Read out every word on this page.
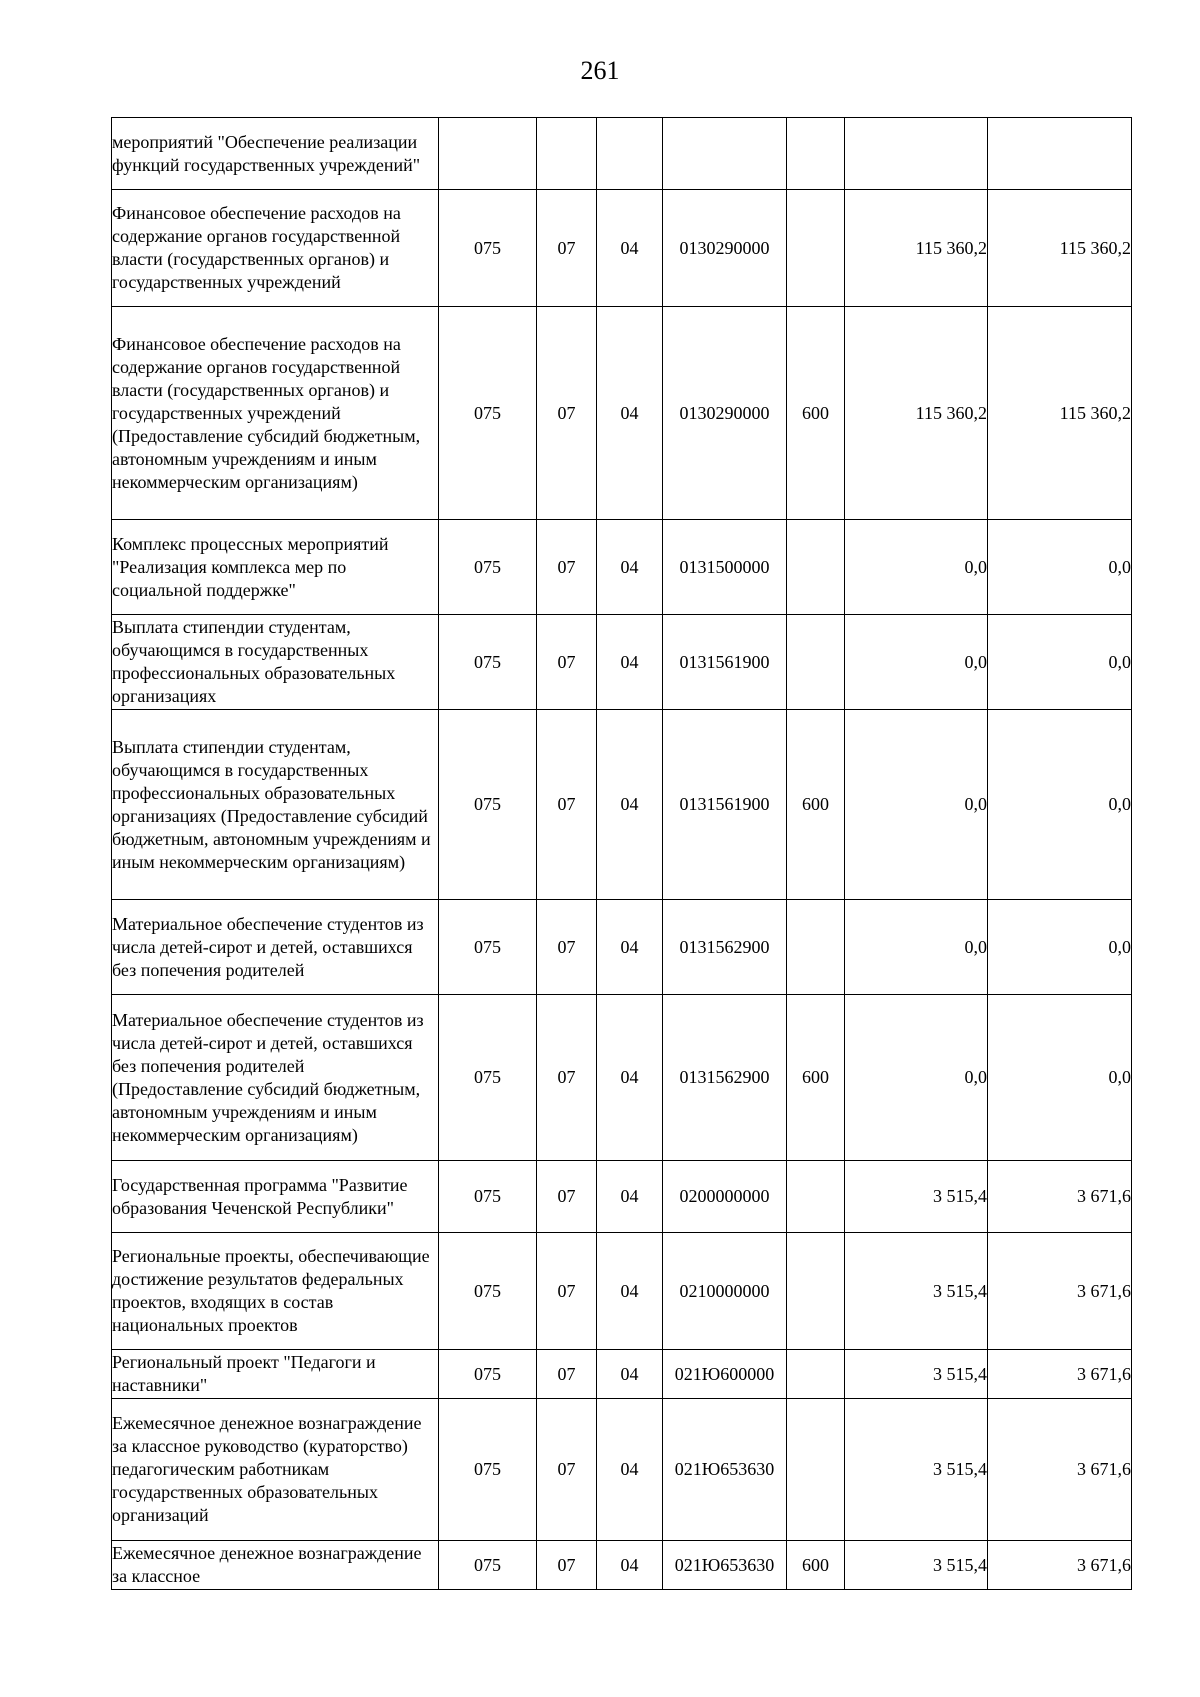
261
мероприятий "Обеспечение реализации функций государственных учреждений"							
Финансовое обеспечение расходов на содержание органов государственной власти (государственных органов) и государственных учреждений	075	07	04	0130290000		115 360,2	115 360,2
Финансовое обеспечение расходов на содержание органов государственной власти (государственных органов) и государственных учреждений (Предоставление субсидий бюджетным, автономным учреждениям и иным некоммерческим организациям)	075	07	04	0130290000	600	115 360,2	115 360,2
Комплекс процессных мероприятий "Реализация комплекса мер по социальной поддержке"	075	07	04	0131500000		0,0	0,0
Выплата стипендии студентам, обучающимся в государственных профессиональных образовательных организациях	075	07	04	0131561900		0,0	0,0
Выплата стипендии студентам, обучающимся в государственных профессиональных образовательных организациях (Предоставление субсидий бюджетным, автономным учреждениям и иным некоммерческим организациям)	075	07	04	0131561900	600	0,0	0,0
Материальное обеспечение студентов из числа детей-сирот и детей, оставшихся без попечения родителей	075	07	04	0131562900		0,0	0,0
Материальное обеспечение студентов из числа детей-сирот и детей, оставшихся без попечения родителей (Предоставление субсидий бюджетным, автономным учреждениям и иным некоммерческим организациям)	075	07	04	0131562900	600	0,0	0,0
Государственная программа "Развитие образования Чеченской Республики"	075	07	04	0200000000		3 515,4	3 671,6
Региональные проекты, обеспечивающие достижение результатов федеральных проектов, входящих в состав национальных проектов	075	07	04	0210000000		3 515,4	3 671,6
Региональный проект "Педагоги и наставники"	075	07	04	021Ю600000		3 515,4	3 671,6
Ежемесячное денежное вознаграждение за классное руководство (кураторство) педагогическим работникам государственных образовательных организаций	075	07	04	021Ю653630		3 515,4	3 671,6
Ежемесячное денежное вознаграждение за классное	075	07	04	021Ю653630	600	3 515,4	3 671,6
